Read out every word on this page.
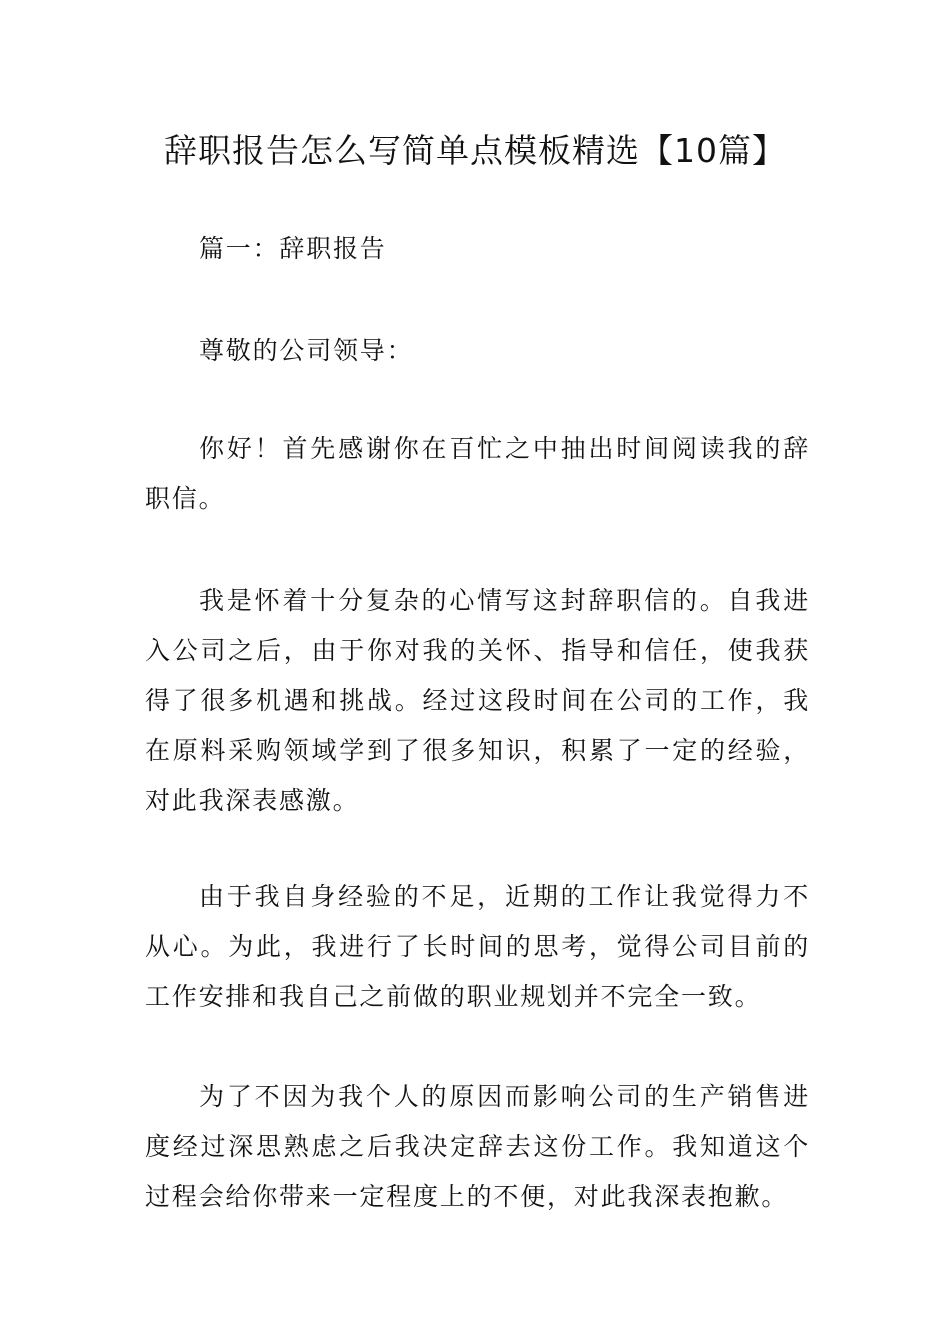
辞职报告怎么写简单点模板精选【10篇】

篇一：辞职报告

尊敬的公司领导：

你好！首先感谢你在百忙之中抽出时间阅读我的辞职信。

我是怀着十分复杂的心情写这封辞职信的。自我进入公司之后，由于你对我的关怀、指导和信任，使我获得了很多机遇和挑战。经过这段时间在公司的工作，我在原料采购领域学到了很多知识，积累了一定的经验，对此我深表感激。

由于我自身经验的不足，近期的工作让我觉得力不从心。为此，我进行了长时间的思考，觉得公司目前的工作安排和我自己之前做的职业规划并不完全一致。

为了不因为我个人的原因而影响公司的生产销售进度经过深思熟虑之后我决定辞去这份工作。我知道这个过程会给你带来一定程度上的不便，对此我深表抱歉。
